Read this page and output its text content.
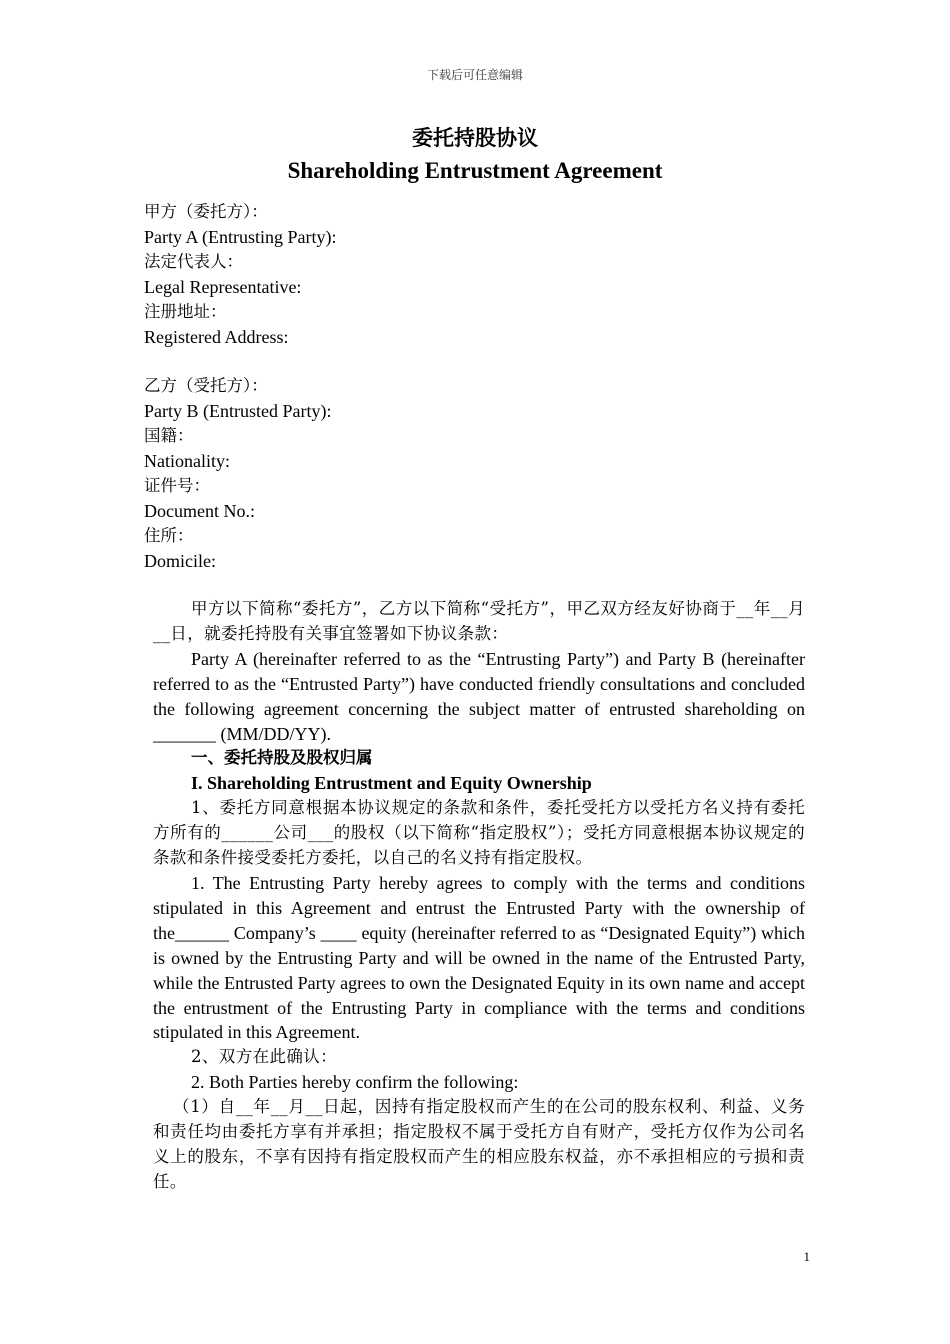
下载后可任意编辑
委托持股协议
Shareholding Entrustment Agreement
甲方（委托方）：
Party A (Entrusting Party):
法定代表人：
Legal Representative:
注册地址：
Registered Address:
乙方（受托方）：
Party B (Entrusted Party):
国籍：
Nationality:
证件号：
Document No.:
住所：
Domicile:

甲方以下简称“委托方”，乙方以下简称“受托方”，甲乙双方经友好协商于__年__月__日，就委托持股有关事宜签署如下协议条款：

Party A (hereinafter referred to as the “Entrusting Party”) and Party B (hereinafter referred to as the “Entrusted Party”) have conducted friendly consultations and concluded the following agreement concerning the subject matter of entrusted shareholding on _______ (MM/DD/YY).

一、委托持股及股权归属

I. Shareholding Entrustment and Equity Ownership

1、委托方同意根据本协议规定的条款和条件，委托受托方以受托方名义持有委托方所有的______公司___的股权（以下简称“指定股权”）；受托方同意根据本协议规定的条款和条件接受委托方委托，以自己的名义持有指定股权。

1. The Entrusting Party hereby agrees to comply with the terms and conditions stipulated in this Agreement and entrust the Entrusted Party with the ownership of the______ Company’s ____ equity (hereinafter referred to as “Designated Equity”) which is owned by the Entrusting Party and will be owned in the name of the Entrusted Party, while the Entrusted Party agrees to own the Designated Equity in its own name and accept the entrustment of the Entrusting Party in compliance with the terms and conditions stipulated in this Agreement.

2、双方在此确认：

2. Both Parties hereby confirm the following:

（1）自__年__月__日起，因持有指定股权而产生的在公司的股东权利、利益、义务和责任均由委托方享有并承担；指定股权不属于受托方自有财产，受托方仅作为公司名义上的股东，不享有因持有指定股权而产生的相应股东权益，亦不承担相应的亏损和责任。

1
